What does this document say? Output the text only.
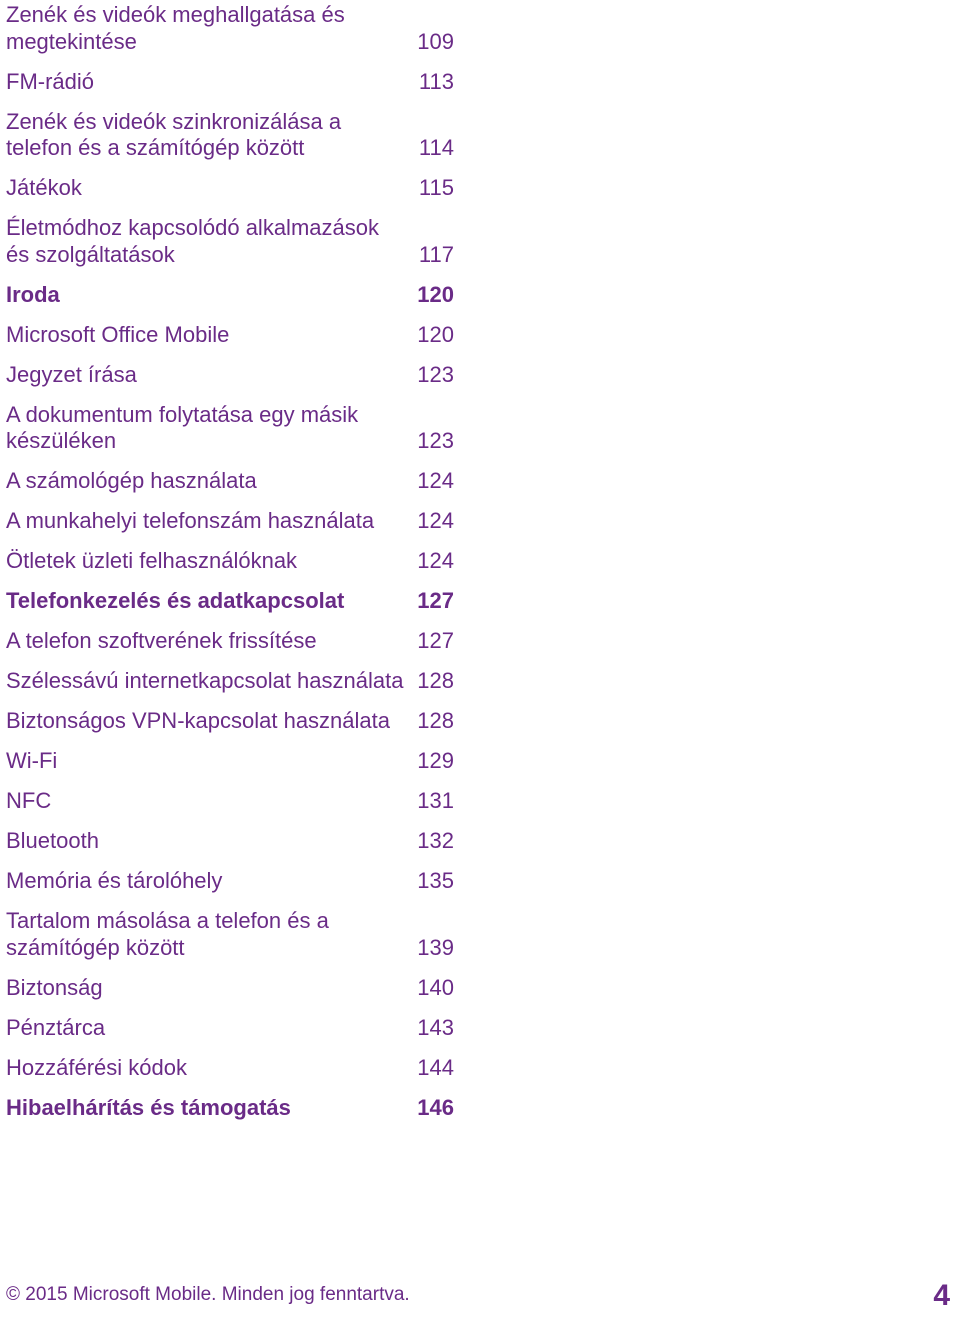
Zenék és videók meghallgatása és megtekintése	109
FM-rádió	113
Zenék és videók szinkronizálása a telefon és a számítógép között	114
Játékok	115
Életmódhoz kapcsolódó alkalmazások és szolgáltatások	117
Iroda	120
Microsoft Office Mobile	120
Jegyzet írása	123
A dokumentum folytatása egy másik készüléken	123
A számológép használata	124
A munkahelyi telefonszám használata	124
Ötletek üzleti felhasználóknak	124
Telefonkezelés és adatkapcsolat	127
A telefon szoftverének frissítése	127
Szélessávú internetkapcsolat használata 128
Biztonságos VPN-kapcsolat használata	128
Wi-Fi	129
NFC	131
Bluetooth	132
Memória és tárolóhely	135
Tartalom másolása a telefon és a számítógép között	139
Biztonság	140
Pénztárca	143
Hozzáférési kódok	144
Hibaelhárítás és támogatás	146
© 2015 Microsoft Mobile. Minden jog fenntartva.	4
